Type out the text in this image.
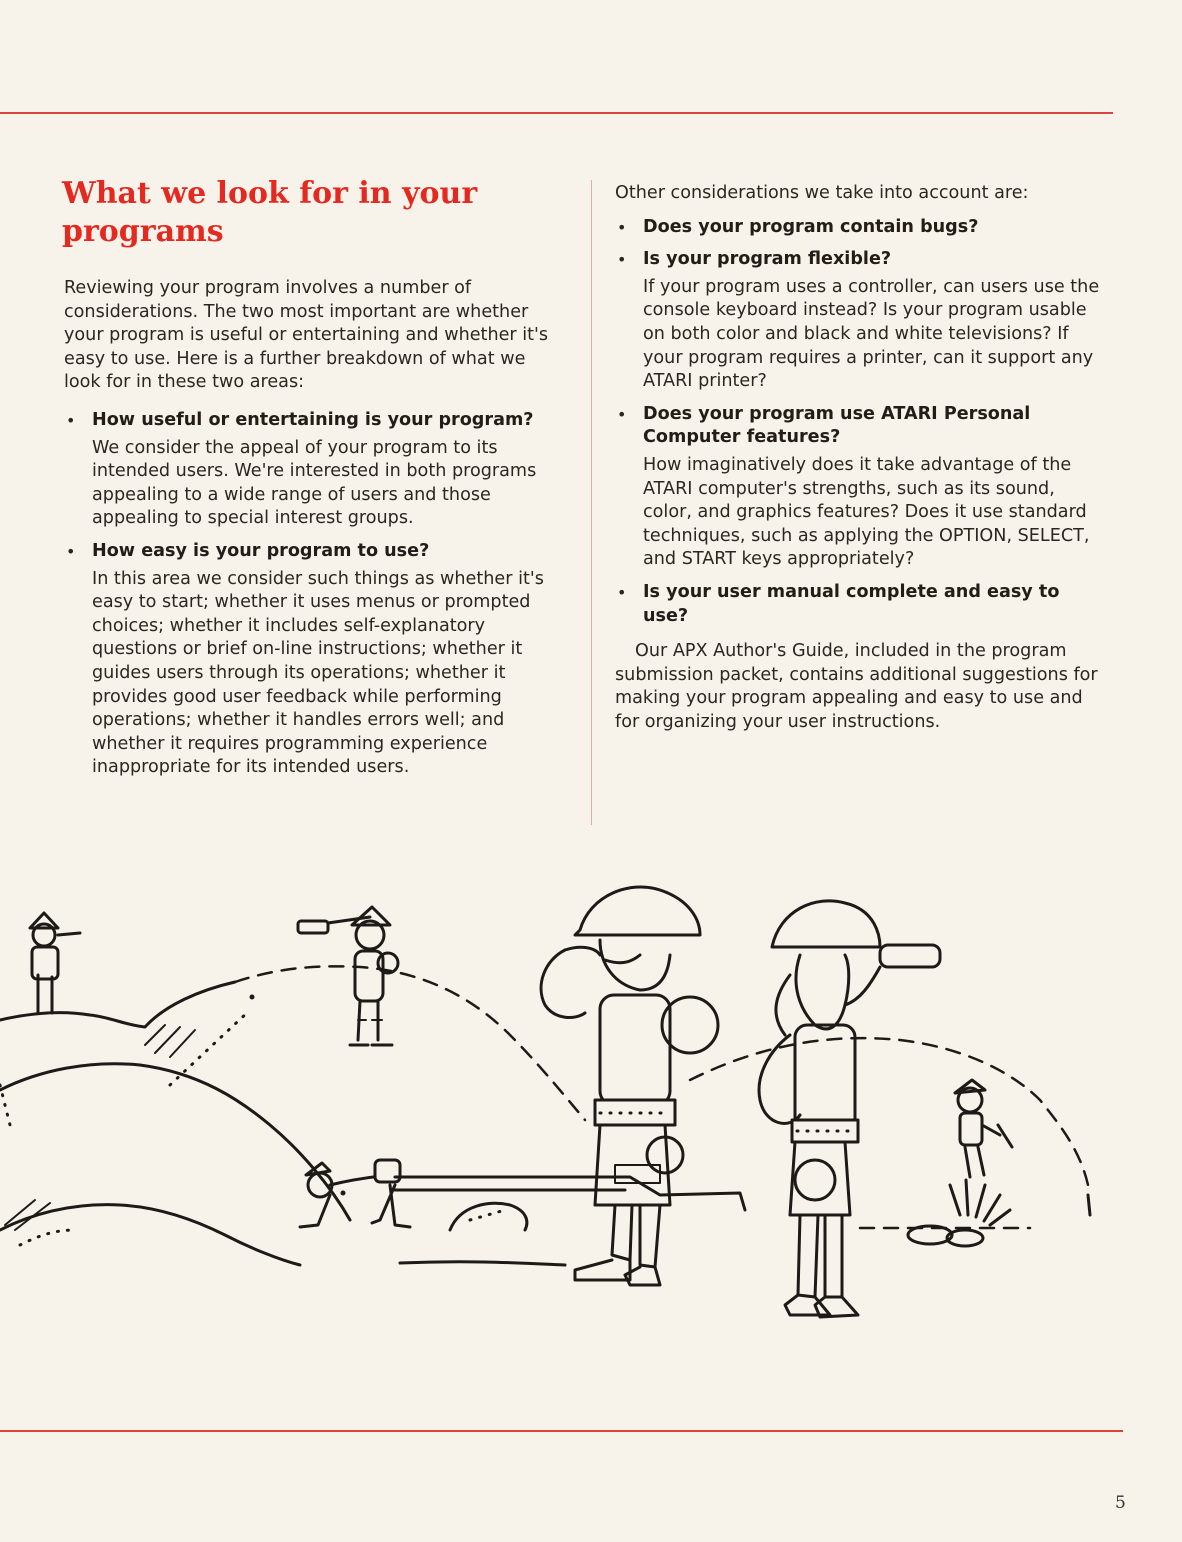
What we look for in your programs

Reviewing your program involves a number of considerations. The two most important are whether your program is useful or entertaining and whether it's easy to use. Here is a further breakdown of what we look for in these two areas:

• How useful or entertaining is your program?

We consider the appeal of your program to its intended users. We're interested in both programs appealing to a wide range of users and those appealing to special interest groups.

• How easy is your program to use?

In this area we consider such things as whether it's easy to start; whether it uses menus or prompted choices; whether it includes self-explanatory questions or brief on-line instructions; whether it guides users through its operations; whether it provides good user feedback while performing operations; whether it handles errors well; and whether it requires programming experience inappropriate for its intended users.

Other considerations we take into account are:

• Does your program contain bugs?
• Is your program flexible?

If your program uses a controller, can users use the console keyboard instead? Is your program usable on both color and black and white televisions? If your program requires a printer, can it support any ATARI printer?

• Does your program use ATARI Personal Computer features?

How imaginatively does it take advantage of the ATARI computer's strengths, such as its sound, color, and graphics features? Does it use standard techniques, such as applying the OPTION, SELECT, and START keys appropriately?

• Is your user manual complete and easy to use?

Our APX Author's Guide, included in the program submission packet, contains additional suggestions for making your program appealing and easy to use and for organizing your user instructions.

5
